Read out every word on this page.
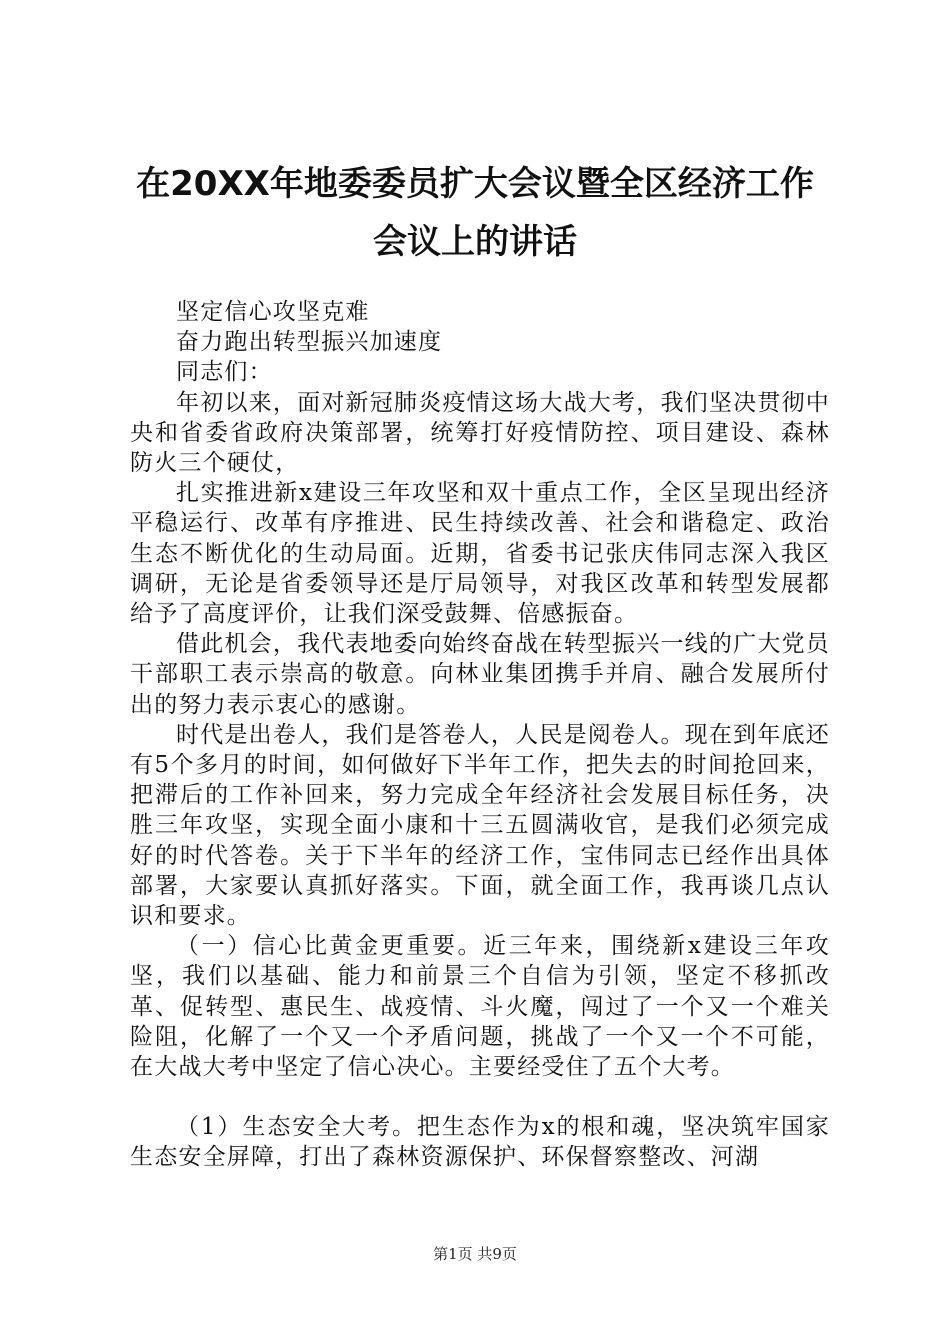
在20XX年地委委员扩大会议暨全区经济工作
会议上的讲话

坚定信心攻坚克难

奋力跑出转型振兴加速度

同志们：

年初以来，面对新冠肺炎疫情这场大战大考，我们坚决贯彻中央和省委省政府决策部署，统筹打好疫情防控、项目建设、森林防火三个硬仗，

扎实推进新x建设三年攻坚和双十重点工作，全区呈现出经济平稳运行、改革有序推进、民生持续改善、社会和谐稳定、政治生态不断优化的生动局面。近期，省委书记张庆伟同志深入我区调研，无论是省委领导还是厅局领导，对我区改革和转型发展都给予了高度评价，让我们深受鼓舞、倍感振奋。

借此机会，我代表地委向始终奋战在转型振兴一线的广大党员干部职工表示崇高的敬意。向林业集团携手并肩、融合发展所付出的努力表示衷心的感谢。

时代是出卷人，我们是答卷人，人民是阅卷人。现在到年底还有5个多月的时间，如何做好下半年工作，把失去的时间抢回来，把滞后的工作补回来，努力完成全年经济社会发展目标任务，决胜三年攻坚，实现全面小康和十三五圆满收官，是我们必须完成好的时代答卷。关于下半年的经济工作，宝伟同志已经作出具体部署，大家要认真抓好落实。下面，就全面工作，我再谈几点认识和要求。

（一）信心比黄金更重要。近三年来，围绕新x建设三年攻坚，我们以基础、能力和前景三个自信为引领，坚定不移抓改革、促转型、惠民生、战疫情、斗火魔，闯过了一个又一个难关险阻，化解了一个又一个矛盾问题，挑战了一个又一个不可能，在大战大考中坚定了信心决心。主要经受住了五个大考。

（1）生态安全大考。把生态作为x的根和魂，坚决筑牢国家生态安全屏障，打出了森林资源保护、环保督察整改、河湖

第1页 共9页
